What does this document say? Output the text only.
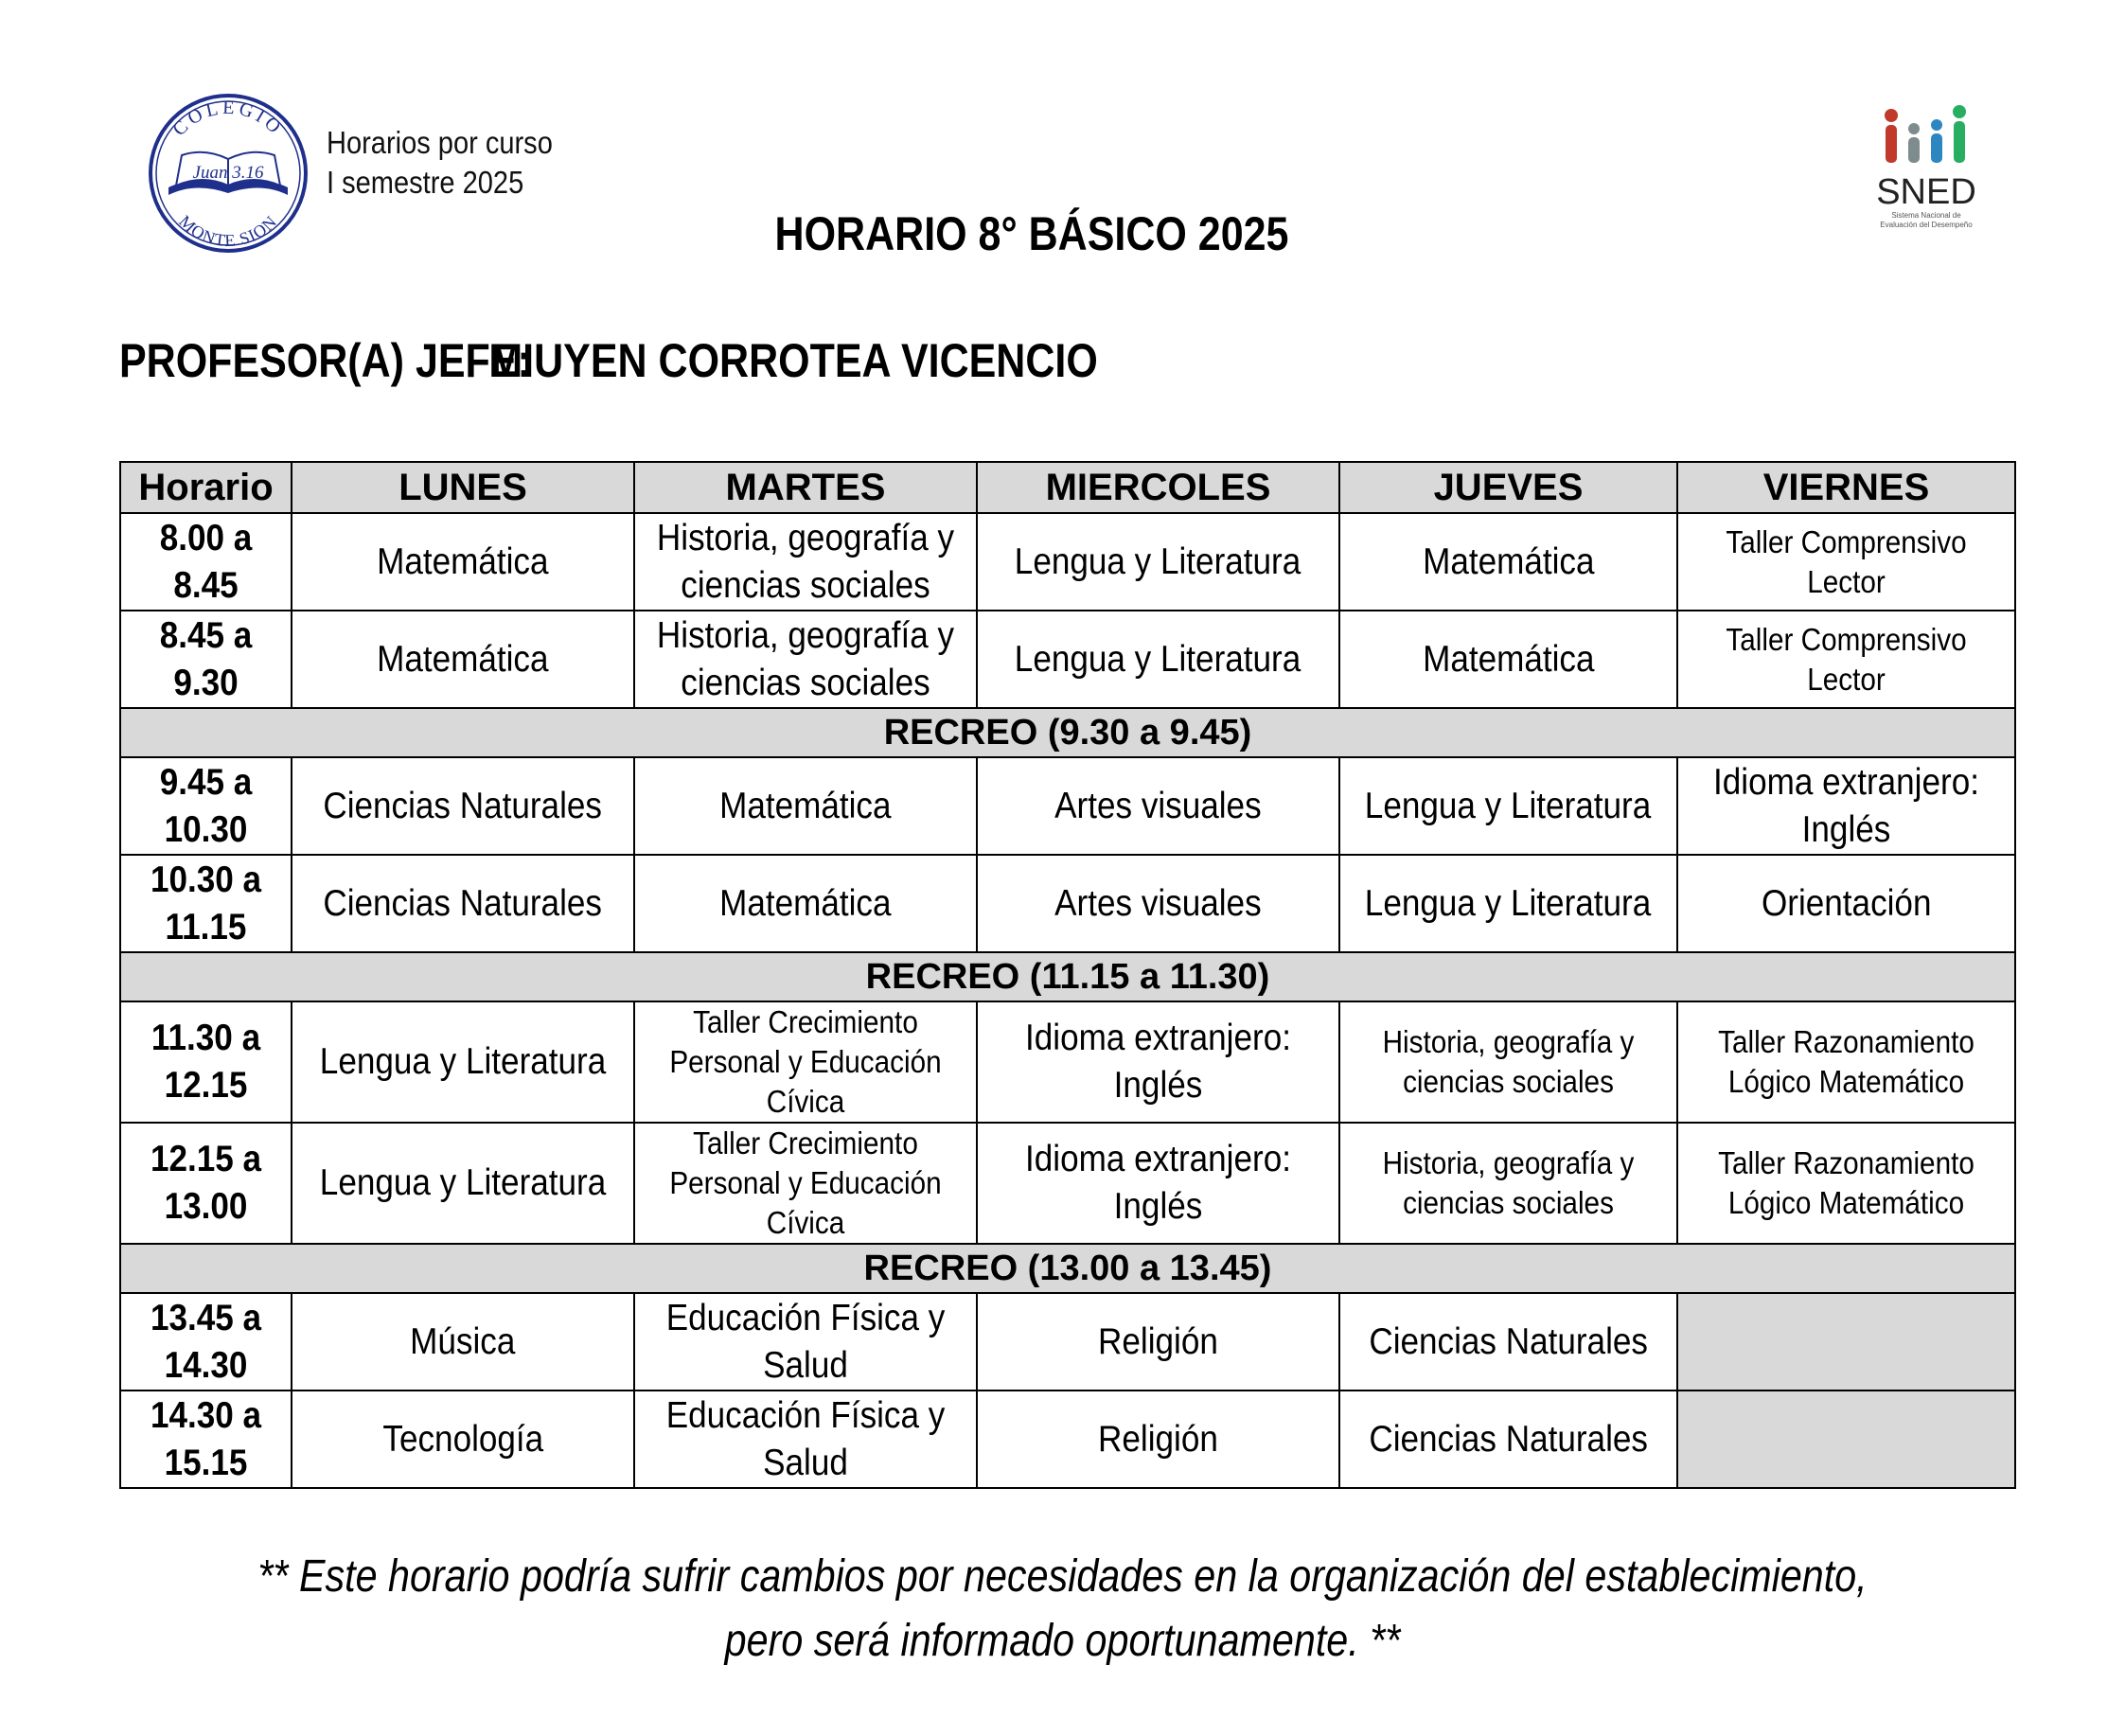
COLEGIO
MONTE SION
Juan 3.16
Horarios por curso
I semestre 2025	SNED
Sistema Nacional de
Evaluación del Desempeño
HORARIO 8° BÁSICO 2025
PROFESOR(A) JEFE: MIUYEN CORROTEA VICENCIO
Horario	LUNES	MARTES	MIERCOLES	JUEVES	VIERNES
8.00 a 8.45	Matemática	Historia, geografía y ciencias sociales	Lengua y Literatura	Matemática	Taller Comprensivo Lector
8.45 a 9.30	Matemática	Historia, geografía y ciencias sociales	Lengua y Literatura	Matemática	Taller Comprensivo Lector
RECREO (9.30 a 9.45)					
9.45 a 10.30	Ciencias Naturales	Matemática	Artes visuales	Lengua y Literatura	Idioma extranjero: Inglés
10.30 a 11.15	Ciencias Naturales	Matemática	Artes visuales	Lengua y Literatura	Orientación
RECREO (11.15 a 11.30)					
11.30 a 12.15	Lengua y Literatura	Taller Crecimiento Personal y Educación Cívica	Idioma extranjero: Inglés	Historia, geografía y ciencias sociales	Taller Razonamiento Lógico Matemático
12.15 a 13.00	Lengua y Literatura	Taller Crecimiento Personal y Educación Cívica	Idioma extranjero: Inglés	Historia, geografía y ciencias sociales	Taller Razonamiento Lógico Matemático
RECREO (13.00 a 13.45)					
13.45 a 14.30	Música	Educación Física y Salud	Religión	Ciencias Naturales	
14.30 a 15.15	Tecnología	Educación Física y Salud	Religión	Ciencias Naturales	
** Este horario podría sufrir cambios por necesidades en la organización del establecimiento,
pero será informado oportunamente. **
